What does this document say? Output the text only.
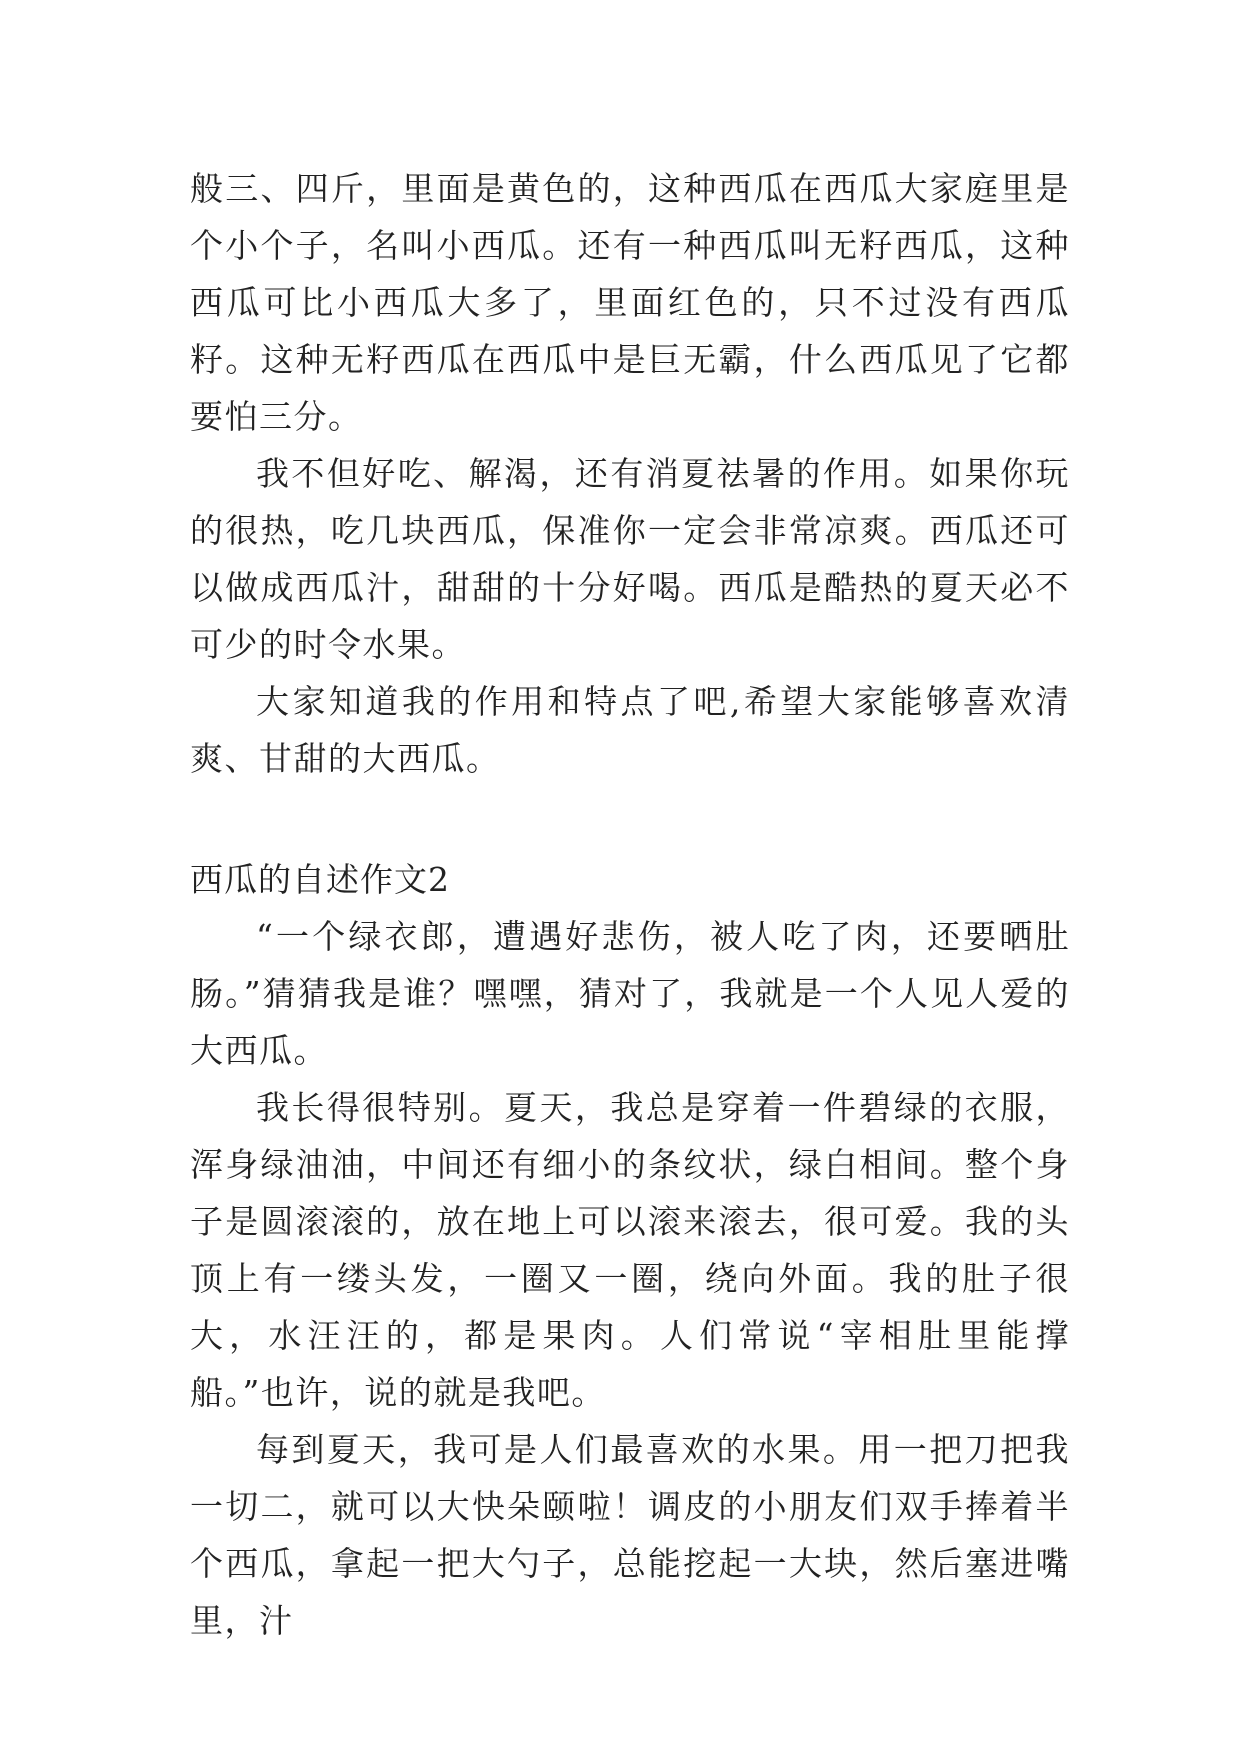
般三、四斤，里面是黄色的，这种西瓜在西瓜大家庭里是个小个子，名叫小西瓜。还有一种西瓜叫无籽西瓜，这种西瓜可比小西瓜大多了，里面红色的，只不过没有西瓜籽。这种无籽西瓜在西瓜中是巨无霸，什么西瓜见了它都要怕三分。

我不但好吃、解渴，还有消夏祛暑的作用。如果你玩的很热，吃几块西瓜，保准你一定会非常凉爽。西瓜还可以做成西瓜汁，甜甜的十分好喝。西瓜是酷热的夏天必不可少的时令水果。

大家知道我的作用和特点了吧,希望大家能够喜欢清爽、甘甜的大西瓜。

西瓜的自述作文2

“一个绿衣郎，遭遇好悲伤，被人吃了肉，还要晒肚肠。”猜猜我是谁？嘿嘿，猜对了，我就是一个人见人爱的大西瓜。

我长得很特别。夏天，我总是穿着一件碧绿的衣服，浑身绿油油，中间还有细小的条纹状，绿白相间。整个身子是圆滚滚的，放在地上可以滚来滚去，很可爱。我的头顶上有一缕头发，一圈又一圈，绕向外面。我的肚子很大，水汪汪的，都是果肉。人们常说“宰相肚里能撑船。”也许，说的就是我吧。

每到夏天，我可是人们最喜欢的水果。用一把刀把我一切二，就可以大快朵颐啦！调皮的小朋友们双手捧着半个西瓜，拿起一把大勺子，总能挖起一大块，然后塞进嘴里，汁
